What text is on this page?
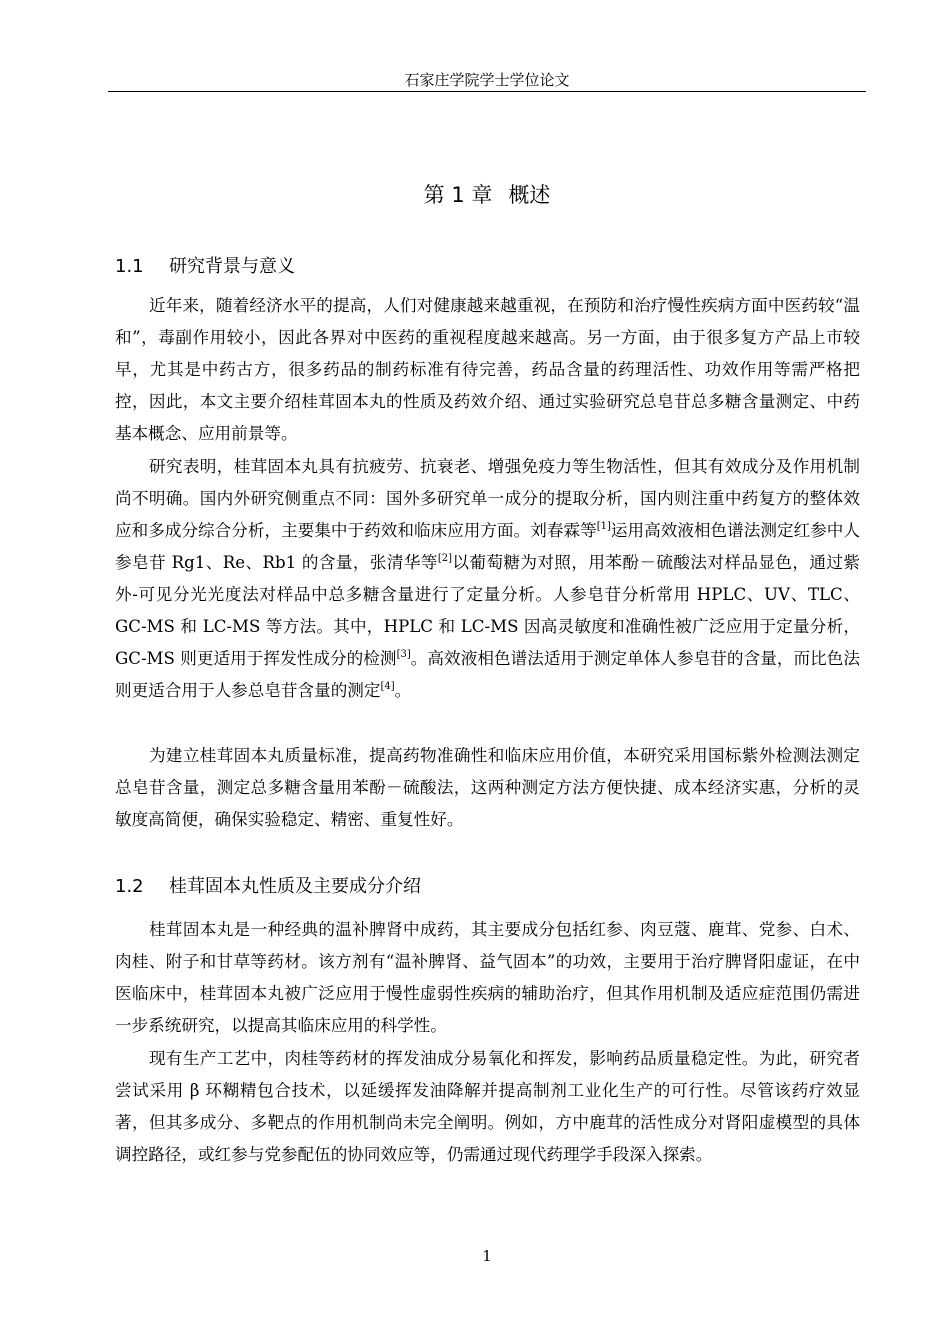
石家庄学院学士学位论文
第 1 章 概述
1.1 研究背景与意义

近年来，随着经济水平的提高，人们对健康越来越重视，在预防和治疗慢性疾病方面中医药较“温和”，毒副作用较小，因此各界对中医药的重视程度越来越高。另一方面，由于很多复方产品上市较早，尤其是中药古方，很多药品的制药标准有待完善，药品含量的药理活性、功效作用等需严格把控，因此，本文主要介绍桂茸固本丸的性质及药效介绍、通过实验研究总皂苷总多糖含量测定、中药基本概念、应用前景等。

研究表明，桂茸固本丸具有抗疲劳、抗衰老、增强免疫力等生物活性，但其有效成分及作用机制尚不明确。国内外研究侧重点不同：国外多研究单一成分的提取分析，国内则注重中药复方的整体效应和多成分综合分析，主要集中于药效和临床应用方面。刘春霖等[1]运用高效液相色谱法测定红参中人参皂苷 Rg1、Re、Rb1 的含量，张清华等[2]以葡萄糖为对照，用苯酚－硫酸法对样品显色，通过紫外-可见分光光度法对样品中总多糖含量进行了定量分析。人参皂苷分析常用 HPLC、UV、TLC、GC-MS 和 LC-MS 等方法。其中，HPLC 和 LC-MS 因高灵敏度和准确性被广泛应用于定量分析，GC-MS 则更适用于挥发性成分的检测[3]。高效液相色谱法适用于测定单体人参皂苷的含量，而比色法则更适合用于人参总皂苷含量的测定[4]。

为建立桂茸固本丸质量标准，提高药物准确性和临床应用价值，本研究采用国标紫外检测法测定总皂苷含量，测定总多糖含量用苯酚－硫酸法，这两种测定方法方便快捷、成本经济实惠，分析的灵敏度高简便，确保实验稳定、精密、重复性好。

1.2 桂茸固本丸性质及主要成分介绍

桂茸固本丸是一种经典的温补脾肾中成药，其主要成分包括红参、肉豆蔻、鹿茸、党参、白术、肉桂、附子和甘草等药材。该方剂有“温补脾肾、益气固本”的功效，主要用于治疗脾肾阳虚证，在中医临床中，桂茸固本丸被广泛应用于慢性虚弱性疾病的辅助治疗，但其作用机制及适应症范围仍需进一步系统研究，以提高其临床应用的科学性。

现有生产工艺中，肉桂等药材的挥发油成分易氧化和挥发，影响药品质量稳定性。为此，研究者尝试采用 β 环糊精包合技术，以延缓挥发油降解并提高制剂工业化生产的可行性。尽管该药疗效显著，但其多成分、多靶点的作用机制尚未完全阐明。例如，方中鹿茸的活性成分对肾阳虚模型的具体调控路径，或红参与党参配伍的协同效应等，仍需通过现代药理学手段深入探索。

1
